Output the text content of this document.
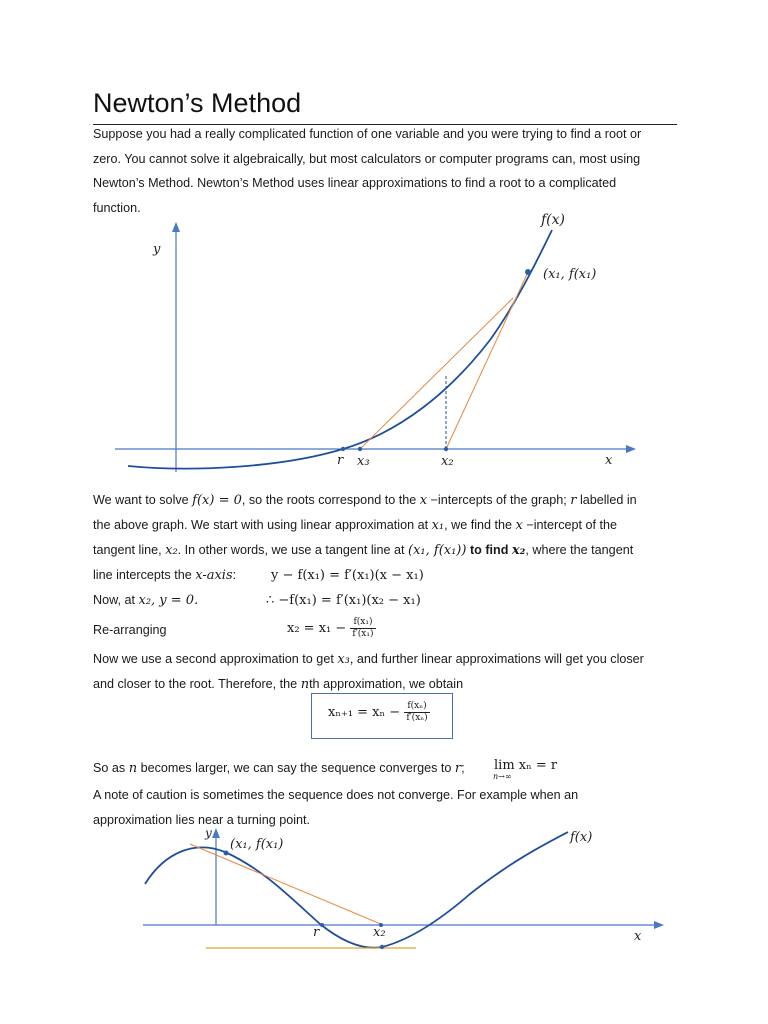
Newton’s Method
Suppose you had a really complicated function of one variable and you were trying to find a root or
zero. You cannot solve it algebraically, but most calculators or computer programs can, most using
Newton’s Method. Newton’s Method uses linear approximations to find a root to a complicated
function.
y
x
f(x)
(x₁, f(x₁)
r x₃	x₂
We want to solve f(x) = 0, so the roots correspond to the x −intercepts of the graph; r labelled in
the above graph. We start with using linear approximation at x₁, we find the x −intercept of the
tangent line, x₂. In other words, we use a tangent line at (x₁, f(x₁)) to find x₂, where the tangent
line intercepts the x-axis:	y − f(x₁) = f′(x₁)(x − x₁)
Now, at x₂, y = 0.	∴ −f(x₁) = f′(x₁)(x₂ − x₁)
Re-arranging	$x_2 = x_1 - \frac{\text{f(x₁)}}{\text{f′(x₁)}}$
Now we use a second approximation to get x₃, and further linear approximations will get you closer
and closer to the root. Therefore, the nth approximation, we obtain
$x_{n+1} = x_n - \frac{\text{f(xₙ)}}{\text{f′(xₙ)}}$
So as n becomes larger, we can say the sequence converges to r;	lim xₙ = r
n→∞
A note of caution is sometimes the sequence does not converge. For example when an
approximation lies near a turning point.
y
x
f(x)
(x₁, f(x₁)
r	x₂
